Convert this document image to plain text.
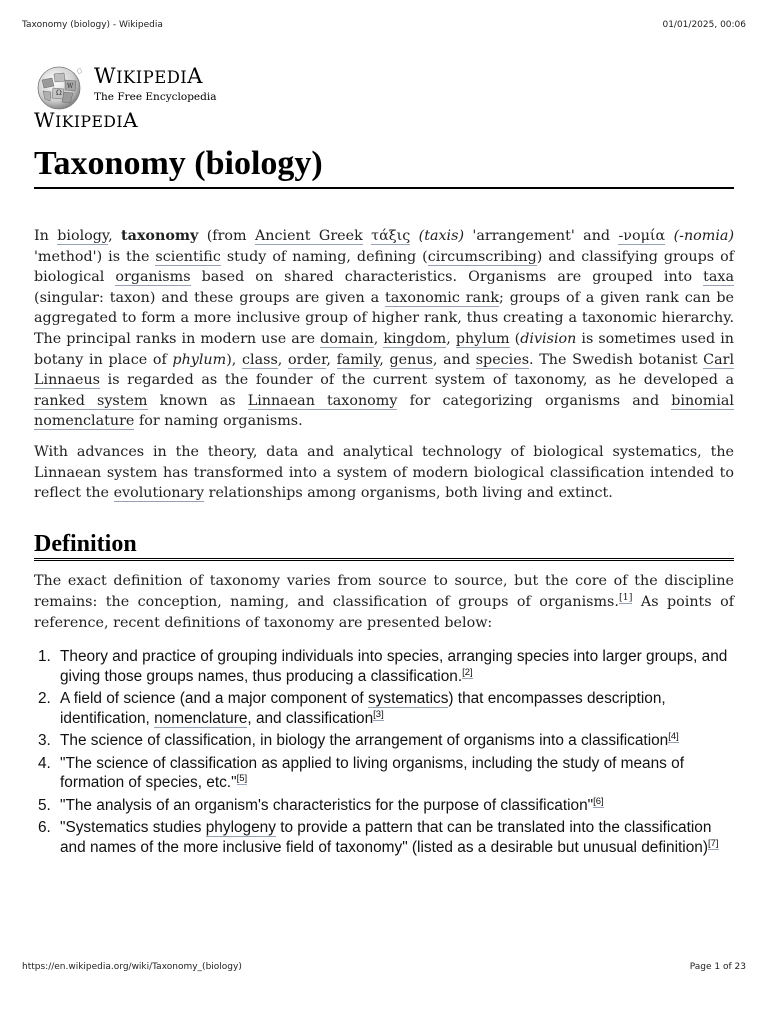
Taxonomy (biology) - Wikipedia	01/01/2025, 00:06
Ω
W WIKIPEDIA
The Free Encyclopedia
WIKIPEDIA
Taxonomy (biology)

In biology, taxonomy (from Ancient Greek τάξις (taxis) 'arrangement' and -νομία (-nomia) 'method') is the scientific study of naming, defining (circumscribing) and classifying groups of biological organisms based on shared characteristics. Organisms are grouped into taxa (singular: taxon) and these groups are given a taxonomic rank; groups of a given rank can be aggregated to form a more inclusive group of higher rank, thus creating a taxonomic hierarchy. The principal ranks in modern use are domain, kingdom, phylum (division is sometimes used in botany in place of phylum), class, order, family, genus, and species. The Swedish botanist Carl Linnaeus is regarded as the founder of the current system of taxonomy, as he developed a ranked system known as Linnaean taxonomy for categorizing organisms and binomial nomenclature for naming organisms.

With advances in the theory, data and analytical technology of biological systematics, the Linnaean system has transformed into a system of modern biological classification intended to reflect the evolutionary relationships among organisms, both living and extinct.

Definition

The exact definition of taxonomy varies from source to source, but the core of the discipline remains: the conception, naming, and classification of groups of organisms.[1] As points of reference, recent definitions of taxonomy are presented below:

1. Theory and practice of grouping individuals into species, arranging species into larger groups, and giving those groups names, thus producing a classification.[2]
2. A field of science (and a major component of systematics) that encompasses description, identification, nomenclature, and classification[3]
3. The science of classification, in biology the arrangement of organisms into a classification[4]
4. "The science of classification as applied to living organisms, including the study of means of formation of species, etc."[5]
5. "The analysis of an organism's characteristics for the purpose of classification"[6]
6. "Systematics studies phylogeny to provide a pattern that can be translated into the classification and names of the more inclusive field of taxonomy" (listed as a desirable but unusual definition)[7]
https://en.wikipedia.org/wiki/Taxonomy_(biology)	Page 1 of 23
